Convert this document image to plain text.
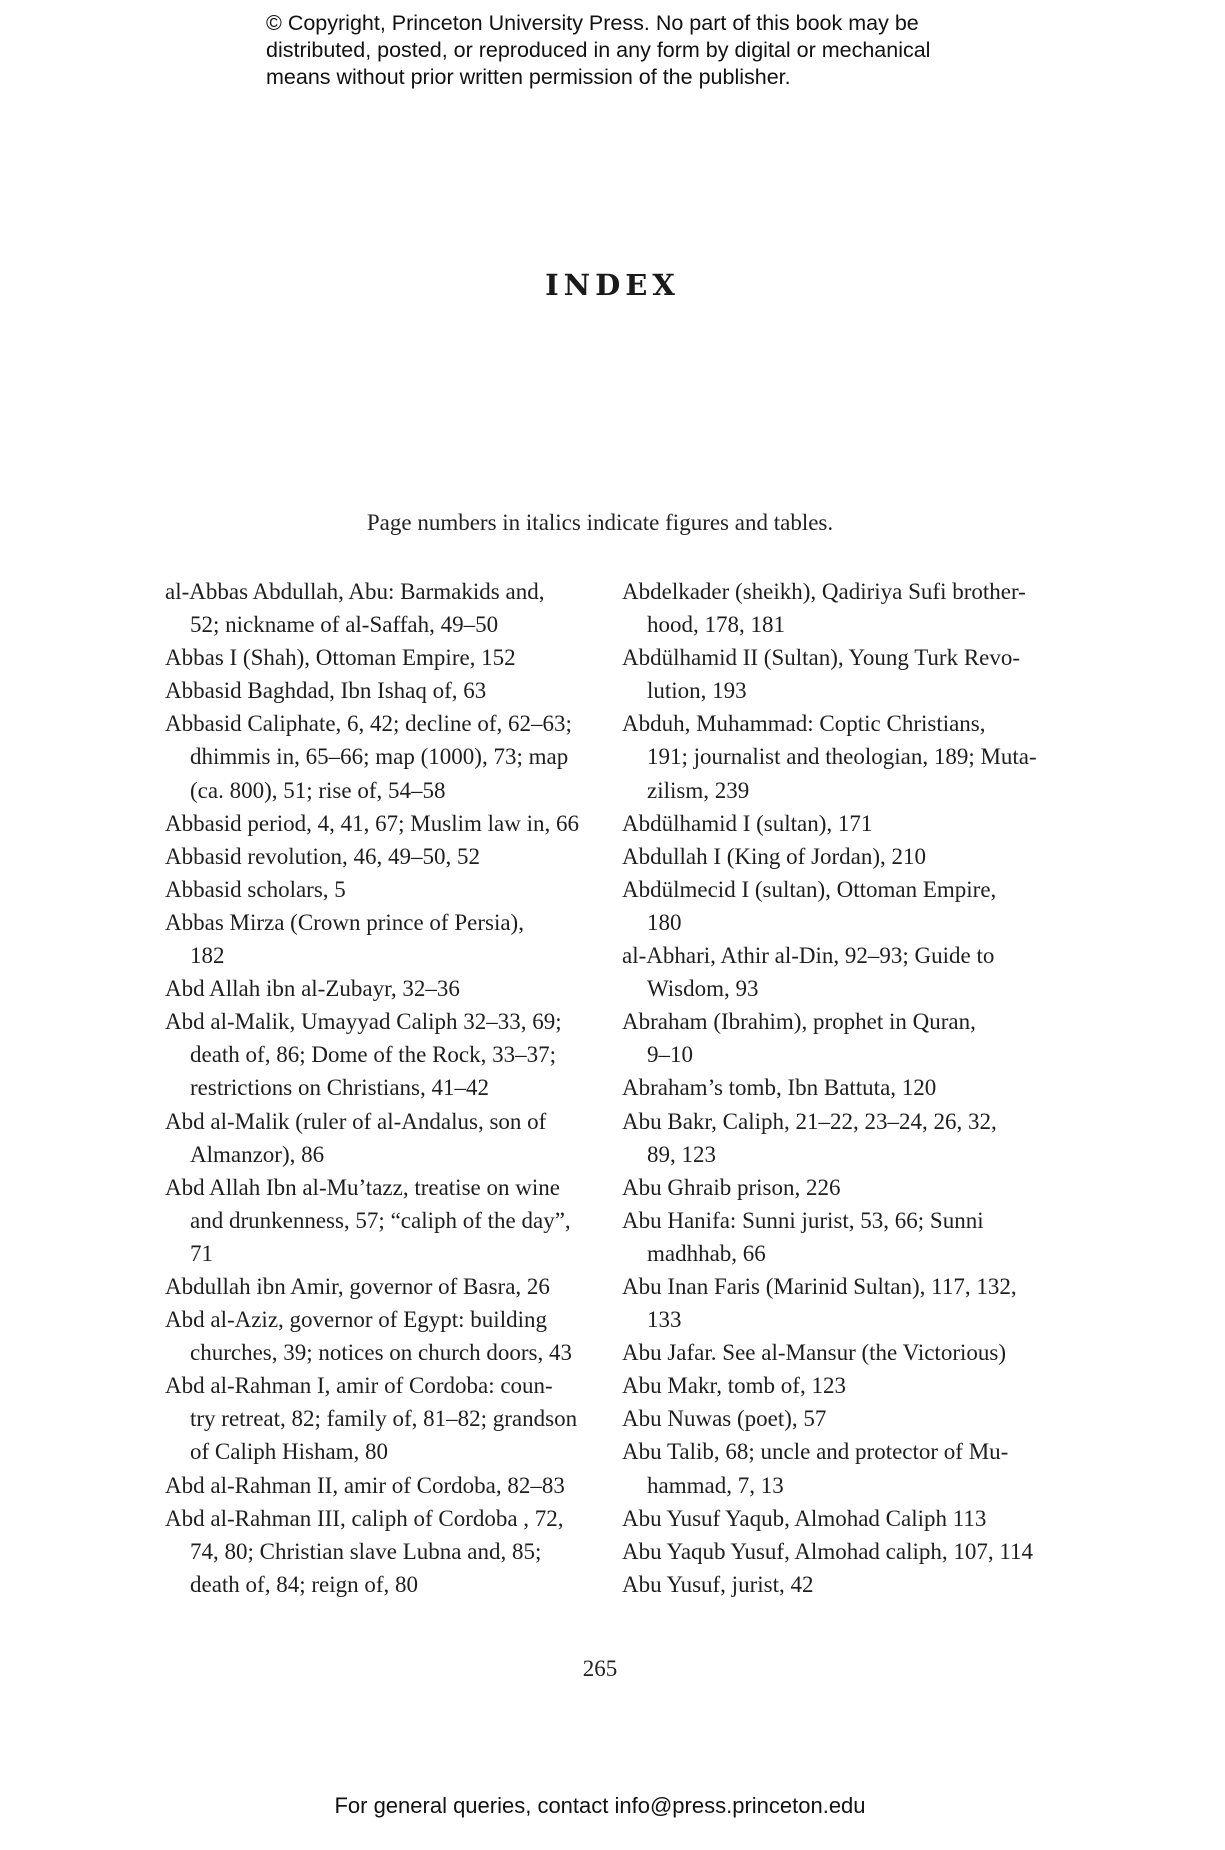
© Copyright, Princeton University Press. No part of this book may be
distributed, posted, or reproduced in any form by digital or mechanical
means without prior written permission of the publisher.
INDEX
Page numbers in italics indicate figures and tables.

al-Abbas Abdullah, Abu: Barmakids and,
52; nickname of al-Saffah, 49–50

Abbas I (Shah), Ottoman Empire, 152

Abbasid Baghdad, Ibn Ishaq of, 63

Abbasid Caliphate, 6, 42; decline of, 62–63;
dhimmis in, 65–66; map (1000), 73; map
(ca. 800), 51; rise of, 54–58

Abbasid period, 4, 41, 67; Muslim law in, 66

Abbasid revolution, 46, 49–50, 52

Abbasid scholars, 5

Abbas Mirza (Crown prince of Persia),
182

Abd Allah ibn al-Zubayr, 32–36

Abd al-Malik, Umayyad Caliph 32–33, 69;
death of, 86; Dome of the Rock, 33–37;
restrictions on Christians, 41–42

Abd al-Malik (ruler of al-Andalus, son of
Almanzor), 86

Abd Allah Ibn al-Mu’tazz, treatise on wine
and drunkenness, 57; “caliph of the day”,
71

Abdullah ibn Amir, governor of Basra, 26

Abd al-Aziz, governor of Egypt: building
churches, 39; notices on church doors, 43

Abd al-Rahman I, amir of Cordoba: coun-
try retreat, 82; family of, 81–82; grandson
of Caliph Hisham, 80

Abd al-Rahman II, amir of Cordoba, 82–83

Abd al-Rahman III, caliph of Cordoba , 72,
74, 80; Christian slave Lubna and, 85;
death of, 84; reign of, 80

Abdelkader (sheikh), Qadiriya Sufi brother-
hood, 178, 181

Abdülhamid II (Sultan), Young Turk Revo-
lution, 193

Abduh, Muhammad: Coptic Christians,
191; journalist and theologian, 189; Muta-
zilism, 239

Abdülhamid I (sultan), 171

Abdullah I (King of Jordan), 210

Abdülmecid I (sultan), Ottoman Empire,
180

al-Abhari, Athir al-Din, 92–93; Guide to
Wisdom, 93

Abraham (Ibrahim), prophet in Quran,
9–10

Abraham’s tomb, Ibn Battuta, 120

Abu Bakr, Caliph, 21–22, 23–24, 26, 32,
89, 123

Abu Ghraib prison, 226

Abu Hanifa: Sunni jurist, 53, 66; Sunni
madhhab, 66

Abu Inan Faris (Marinid Sultan), 117, 132,
133

Abu Jafar. See al-Mansur (the Victorious)

Abu Makr, tomb of, 123

Abu Nuwas (poet), 57

Abu Talib, 68; uncle and protector of Mu-
hammad, 7, 13

Abu Yusuf Yaqub, Almohad Caliph 113

Abu Yaqub Yusuf, Almohad caliph, 107, 114

Abu Yusuf, jurist, 42

265
For general queries, contact info@press.princeton.edu
